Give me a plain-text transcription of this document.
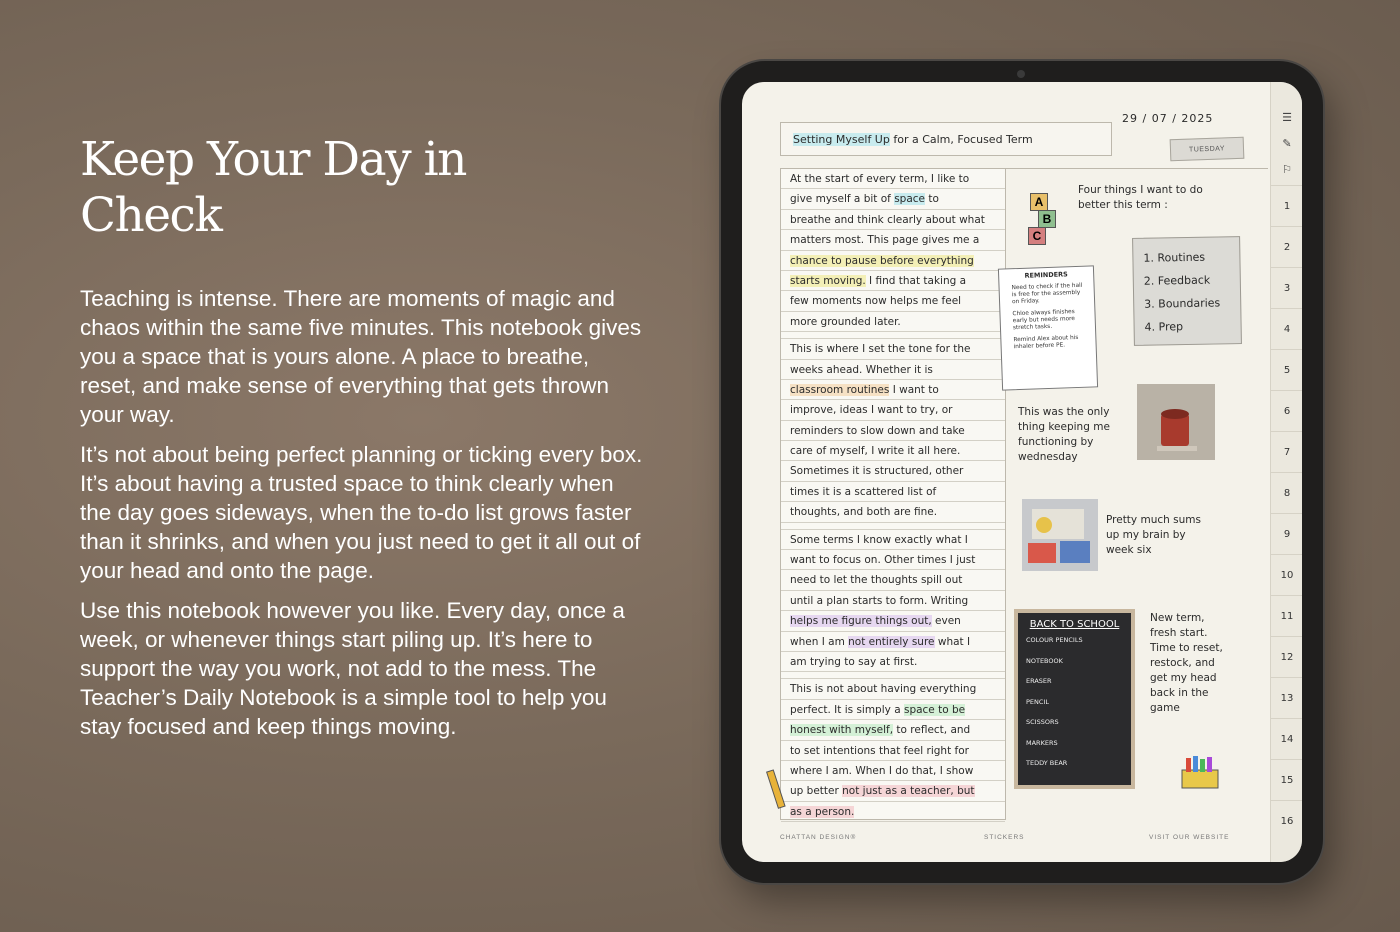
Keep Your Day in Check

Teaching is intense. There are moments of magic and chaos within the same five minutes. This notebook gives you a space that is yours alone. A place to breathe, reset, and make sense of everything that gets thrown your way.

It’s not about being perfect planning or ticking every box. It’s about having a trusted space to think clearly when the day goes sideways, when the to-do list grows faster than it shrinks, and when you just need to get it all out of your head and onto the page.

Use this notebook however you like. Every day, once a week, or whenever things start piling up. It’s here to support the way you work, not add to the mess. The Teacher’s Daily Notebook is a simple tool to help you stay focused and keep things moving.

☰
✎
⚐
1
2
3
4
5
6
7
8
9
10
11
12
13
14
15
16
29 / 07 / 2025
Setting Myself Up for a Calm, Focused Term
TUESDAY
At the start of every term, I like to
give myself a bit of space to
breathe and think clearly about what
matters most. This page gives me a
chance to pause before everything
starts moving. I find that taking a
few moments now helps me feel
more grounded later.
This is where I set the tone for the
weeks ahead. Whether it is
classroom routines I want to
improve, ideas I want to try, or
reminders to slow down and take
care of myself, I write it all here.
Sometimes it is structured, other
times it is a scattered list of
thoughts, and both are fine.
Some terms I know exactly what I
want to focus on. Other times I just
need to let the thoughts spill out
until a plan starts to form. Writing
helps me figure things out, even
when I am not entirely sure what I
am trying to say at first.
This is not about having everything
perfect. It is simply a space to be
honest with myself, to reflect, and
to set intentions that feel right for
where I am. When I do that, I show
up better not just as a teacher, but
as a person.
A
B
C
Four things I want to do better this term :
1. Routines
2. Feedback
3. Boundaries
4. Prep
REMINDERS
Need to check if the hall is free for the assembly on Friday.
Chloe always finishes early but needs more stretch tasks.
Remind Alex about his inhaler before PE.
This was the only thing keeping me functioning by wednesday
Pretty much sums up my brain by week six
BACK TO SCHOOL
COLOUR PENCILS
NOTEBOOK
ERASER
PENCIL
SCISSORS
MARKERS
TEDDY BEAR
New term, fresh start. Time to reset, restock, and get my head back in the game
CHATTAN DESIGN®	STICKERS	VISIT OUR WEBSITE
